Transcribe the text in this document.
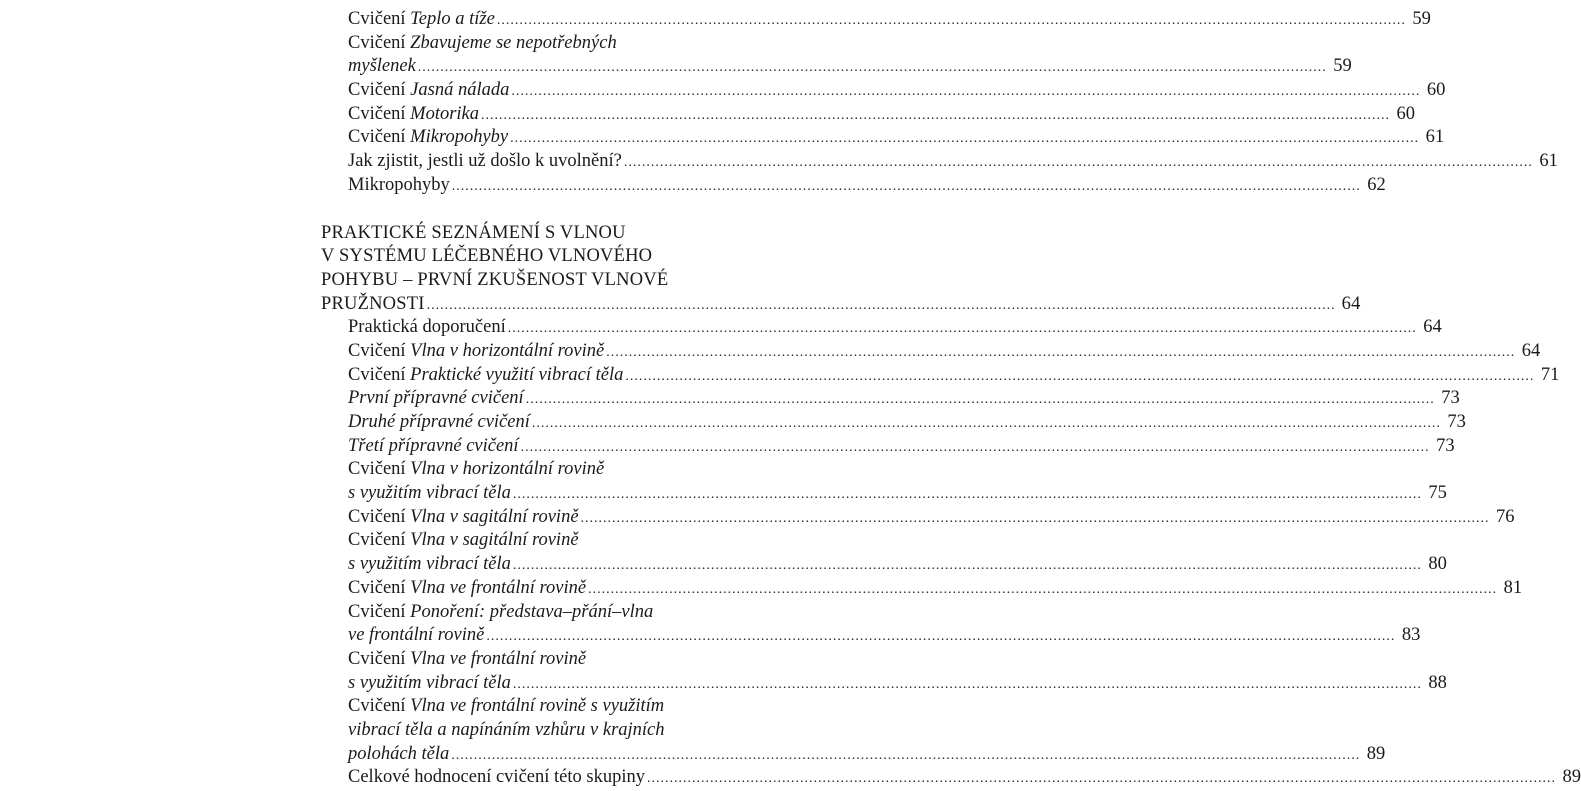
Cvičení Teplo a tíže .....	59
Cvičení Zbavujeme se nepotřebných
myšlenek .....	59
Cvičení Jasná nálada .....	60
Cvičení Motorika .....	60
Cvičení Mikropohyby .....	61
Jak zjistit, jestli už došlo k uvolnění? .....	61
Mikropohyby .....	62
PRAKTICKÉ SEZNÁMENÍ S VLNOU
V SYSTÉMU LÉČEBNÉHO VLNOVÉHO
POHYBU – PRVNÍ ZKUŠENOST VLNOVÉ
PRUŽNOSTI .....	64
Praktická doporučení .....	64
Cvičení Vlna v horizontální rovině .....	64
Cvičení Praktické využití vibrací těla .....	71
První přípravné cvičení .....	73
Druhé přípravné cvičení .....	73
Třetí přípravné cvičení .....	73
Cvičení Vlna v horizontální rovině
s využitím vibrací těla .....	75
Cvičení Vlna v sagitální rovině .....	76
Cvičení Vlna v sagitální rovině
s využitím vibrací těla .....	80
Cvičení Vlna ve frontální rovině .....	81
Cvičení Ponoření: představa–přání–vlna
ve frontální rovině .....	83
Cvičení Vlna ve frontální rovině
s využitím vibrací těla .....	88
Cvičení Vlna ve frontální rovině s využitím
vibrací těla a napínáním vzhůru v krajních
polohách těla .....	89
Celkové hodnocení cvičení této skupiny .....	89
